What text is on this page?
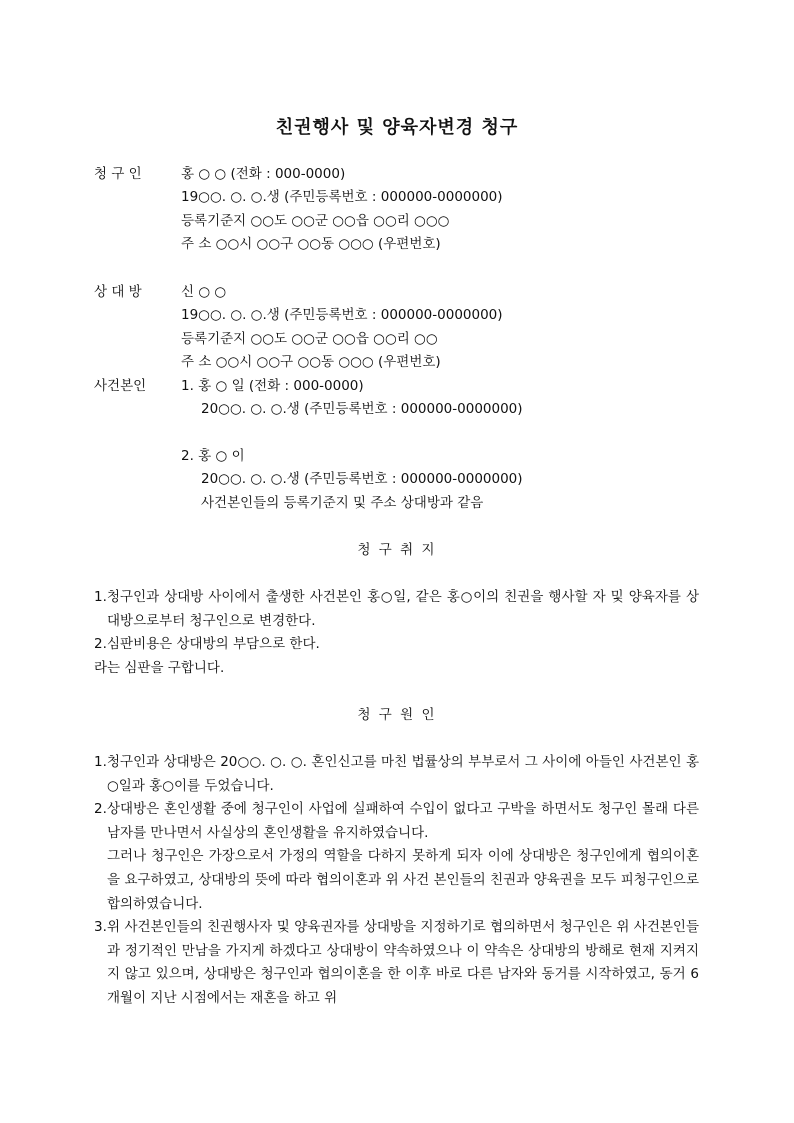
친권행사 및 양육자변경 청구
청 구 인	홍 ○ ○ (전화 : 000-0000)
19○○. ○. ○.생 (주민등록번호 : 000000-0000000)
등록기준지 ○○도 ○○군 ○○읍 ○○리 ○○○
주 소 ○○시 ○○구 ○○동 ○○○ (우편번호)
상 대 방	신 ○ ○
19○○. ○. ○.생 (주민등록번호 : 000000-0000000)
등록기준지 ○○도 ○○군 ○○읍 ○○리 ○○
주 소 ○○시 ○○구 ○○동 ○○○ (우편번호)
사건본인	1. 홍 ○ 일 (전화 : 000-0000)
20○○. ○. ○.생 (주민등록번호 : 000000-0000000)
2. 홍 ○ 이
20○○. ○. ○.생 (주민등록번호 : 000000-0000000)
사건본인들의 등록기준지 및 주소 상대방과 같음
청 구 취 지
1. 청구인과 상대방 사이에서 출생한 사건본인 홍○일, 같은 홍○이의 친권을 행사할 자 및 양육자를 상대방으로부터 청구인으로 변경한다.
2. 심판비용은 상대방의 부담으로 한다.
라는 심판을 구합니다.
청 구 원 인
1. 청구인과 상대방은 20○○. ○. ○. 혼인신고를 마친 법률상의 부부로서 그 사이에 아들인 사건본인 홍○일과 홍○이를 두었습니다.
2. 상대방은 혼인생활 중에 청구인이 사업에 실패하여 수입이 없다고 구박을 하면서도 청구인 몰래 다른 남자를 만나면서 사실상의 혼인생활을 유지하였습니다.
그러나 청구인은 가장으로서 가정의 역할을 다하지 못하게 되자 이에 상대방은 청구인에게 협의이혼을 요구하였고, 상대방의 뜻에 따라 협의이혼과 위 사건 본인들의 친권과 양육권을 모두 피청구인으로 합의하였습니다.
3. 위 사건본인들의 친권행사자 및 양육권자를 상대방을 지정하기로 협의하면서 청구인은 위 사건본인들과 정기적인 만남을 가지게 하겠다고 상대방이 약속하였으나 이 약속은 상대방의 방해로 현재 지켜지지 않고 있으며, 상대방은 청구인과 협의이혼을 한 이후 바로 다른 남자와 동거를 시작하였고, 동거 6개월이 지난 시점에서는 재혼을 하고 위
